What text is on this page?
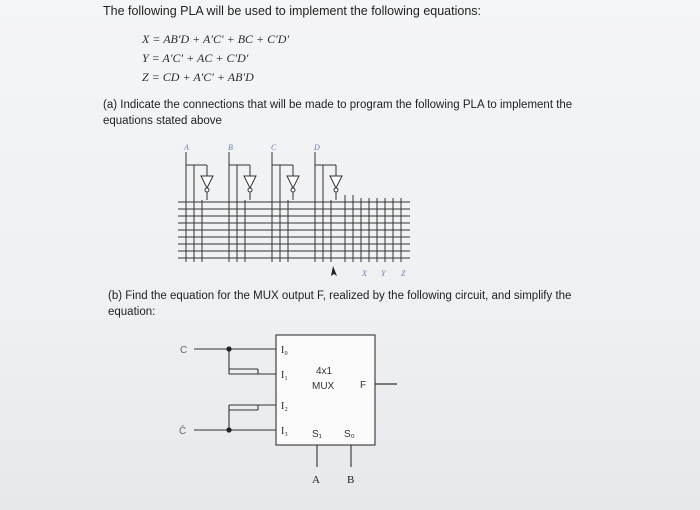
The following PLA will be used to implement the following equations:
X = AB′D + A′C′ + BC + C′D′
Y = A′C′ + AC + C′D′
Z = CD + A′C′ + AB′D
(a) Indicate the connections that will be made to program the following PLA to implement the equations stated above
A	B	C	D
X Y Z
(b) Find the equation for the MUX output F, realized by the following circuit, and simplify the equation:
C
C̄
I₀
I₁
I₂
I₃
4x1
MUX	F
S₁ S₀
A B
